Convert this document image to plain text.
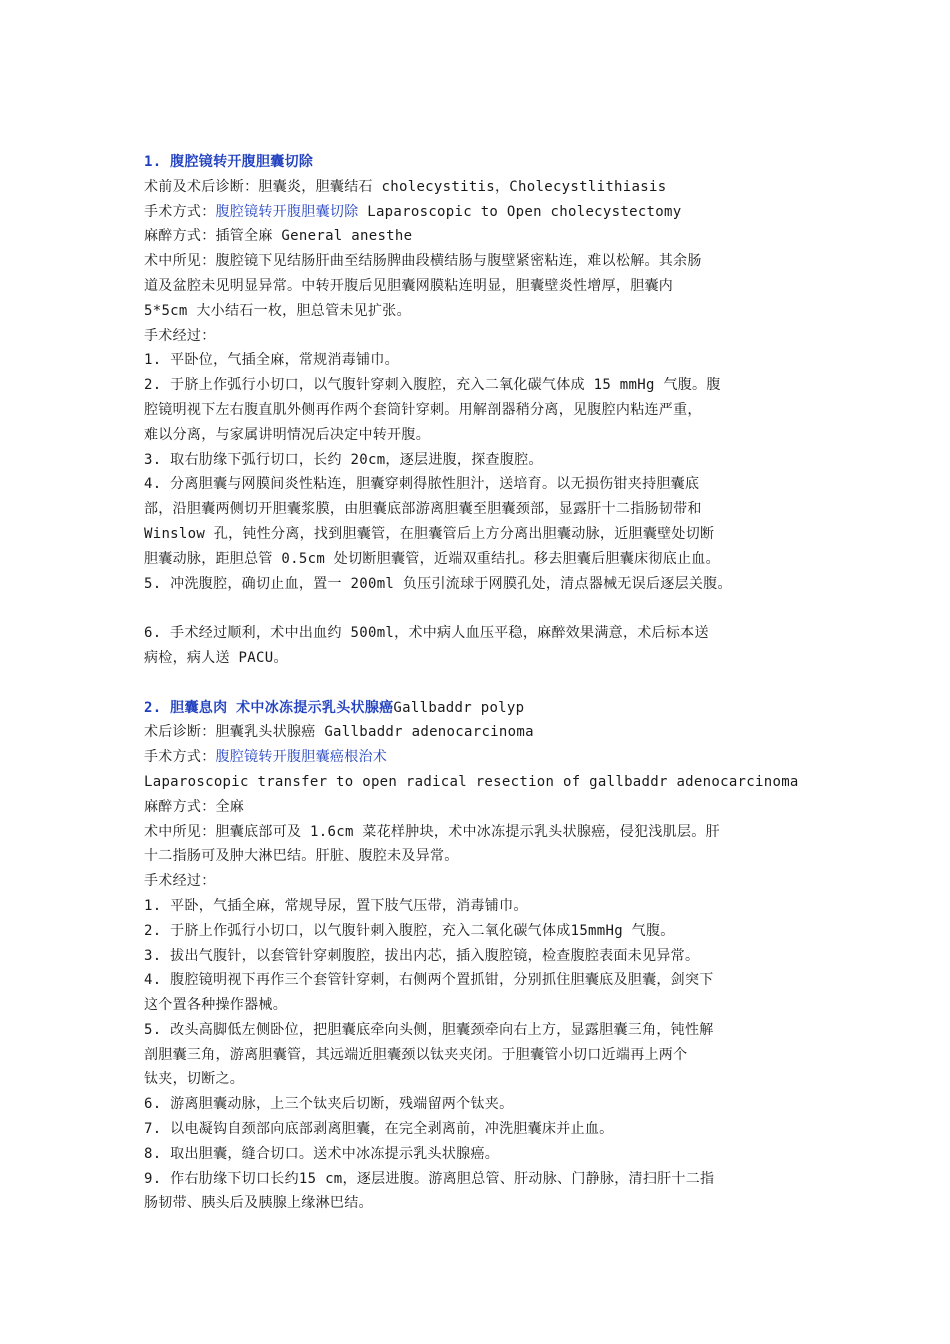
1. 腹腔镜转开腹胆囊切除
术前及术后诊断：胆囊炎，胆囊结石 cholecystitis，Cholecystlithiasis
手术方式：腹腔镜转开腹胆囊切除 Laparoscopic to Open cholecystectomy
麻醉方式：插管全麻 General anesthe
术中所见：腹腔镜下见结肠肝曲至结肠脾曲段横结肠与腹壁紧密粘连，难以松解。其余肠
道及盆腔未见明显异常。中转开腹后见胆囊网膜粘连明显，胆囊壁炎性增厚，胆囊内
5*5cm 大小结石一枚，胆总管未见扩张。
手术经过：
1. 平卧位，气插全麻，常规消毒铺巾。
2. 于脐上作弧行小切口，以气腹针穿刺入腹腔，充入二氧化碳气体成 15 mmHg 气腹。腹
腔镜明视下左右腹直肌外侧再作两个套筒针穿刺。用解剖器稍分离，见腹腔内粘连严重，
难以分离，与家属讲明情况后决定中转开腹。
3. 取右肋缘下弧行切口，长约 20cm，逐层进腹，探查腹腔。
4. 分离胆囊与网膜间炎性粘连，胆囊穿刺得脓性胆汁，送培育。以无损伤钳夹持胆囊底
部，沿胆囊两侧切开胆囊浆膜，由胆囊底部游离胆囊至胆囊颈部，显露肝十二指肠韧带和
Winslow 孔，钝性分离，找到胆囊管，在胆囊管后上方分离出胆囊动脉，近胆囊壁处切断
胆囊动脉，距胆总管 0.5cm 处切断胆囊管，近端双重结扎。移去胆囊后胆囊床彻底止血。
5. 冲洗腹腔，确切止血，置一 200ml 负压引流球于网膜孔处，清点器械无误后逐层关腹。
6. 手术经过顺利，术中出血约 500ml，术中病人血压平稳，麻醉效果满意，术后标本送
病检，病人送 PACU。
2. 胆囊息肉 术中冰冻提示乳头状腺癌Gallbaddr polyp
术后诊断：胆囊乳头状腺癌 Gallbaddr adenocarcinoma
手术方式：腹腔镜转开腹胆囊癌根治术
Laparoscopic transfer to open radical resection of gallbaddr adenocarcinoma
麻醉方式：全麻
术中所见：胆囊底部可及 1.6cm 菜花样肿块，术中冰冻提示乳头状腺癌，侵犯浅肌层。肝
十二指肠可及肿大淋巴结。肝脏、腹腔未及异常。
手术经过：
1. 平卧，气插全麻，常规导尿，置下肢气压带，消毒铺巾。
2. 于脐上作弧行小切口，以气腹针刺入腹腔，充入二氧化碳气体成15mmHg 气腹。
3. 拔出气腹针，以套管针穿刺腹腔，拔出内芯，插入腹腔镜，检查腹腔表面未见异常。
4. 腹腔镜明视下再作三个套管针穿刺，右侧两个置抓钳，分别抓住胆囊底及胆囊，剑突下
这个置各种操作器械。
5. 改头高脚低左侧卧位，把胆囊底牵向头侧，胆囊颈牵向右上方，显露胆囊三角，钝性解
剖胆囊三角，游离胆囊管，其远端近胆囊颈以钛夹夹闭。于胆囊管小切口近端再上两个
钛夹，切断之。
6. 游离胆囊动脉，上三个钛夹后切断，残端留两个钛夹。
7. 以电凝钩自颈部向底部剥离胆囊，在完全剥离前，冲洗胆囊床并止血。
8. 取出胆囊，缝合切口。送术中冰冻提示乳头状腺癌。
9. 作右肋缘下切口长约15 cm，逐层进腹。游离胆总管、肝动脉、门静脉，清扫肝十二指
肠韧带、胰头后及胰腺上缘淋巴结。
